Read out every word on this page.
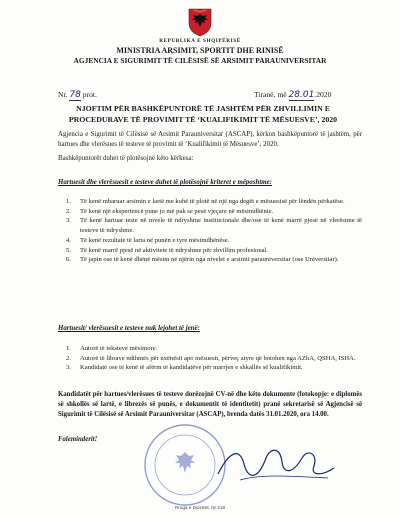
REPUBLIKA E SHQIPËRISË
MINISTRIA ARSIMIT, SPORTIT DHE RINISË
AGJENCIA E SIGURIMIT TË CILËSISË SË ARSIMIT PARAUNIVERSITAR
Nr. 78 prot.	Tiranë, më 28.01.2020
NJOFTIM PËR BASHKËPUNTORË TË JASHTËM PËR ZHVILLIMIN E
PROCEDURAVE TË PROVIMIT TË ‘KUALIFIKIMIT TË MËSUESVE’, 2020
Agjencia e Sigurimit të Cilësisë së Arsimit Parauniversitar (ASCAP), kërkon bashkëpuntorë të jashtëm, për hartues dhe vlerësues të testeve të provimit të ‘Kualifikimit të Mësuesve’, 2020.
Bashkëpuntorët duhet të plotësojnë këto kërkesa:
Hartuesit dhe vlerësuesit e testeve duhet të plotësojnë kriteret e mëposhtme:
1. Të kenë mbaruar arsimin e lartë me kohë të plotë në një nga degët e mësuesisë për lëndën përkatëse.
2. Të kenë një eksperiencë pune jo më pak se pesë vjeçare në mësimdhënie.
3. Të kenë hartuar teste në nivele të ndryshme institucionale dhe/ose të kenë marrë pjesë në vlerësime të testeve të ndryshme.
4. Të kenë rezultate të larta në punën e tyre mësimdhënëse.
5. Të kenë marrë pjesë në aktivitete të ndryshme për zhvillim profesional.
6. Të japin ose të kenë dhënë mësim në njërin nga nivelet e arsimit parauniversitar (ose Universitar).
Hartuesit/ vlerësuesit e testeve nuk lejohet të jenë:
1. Autorë të teksteve mësimore.
2. Autorë të librave ndihmës për nxënësit apo mësuesit, përveç atyre që botohen nga AZhA, QSHA, ISHA.
3. Kandidatë ose të kenë të afërm të kandidatëve për marrjen e shkallës së kualifikimit.
Kandidatët për hartues/vlerësues të testeve dorëzojnë CV-në dhe këto dokumente (fotokopje: e diplomës së shkollës së lartë, e librezës së punës, e dokumentit të identitetit) pranë sekretarisë së Agjencisë së Sigurimit të Cilësisë së Arsimit Parauniversitar (ASCAP), brenda datës 31.01.2020, ora 14.00.
Faleminderit!
Rruga e Durrësit, Nr 219
